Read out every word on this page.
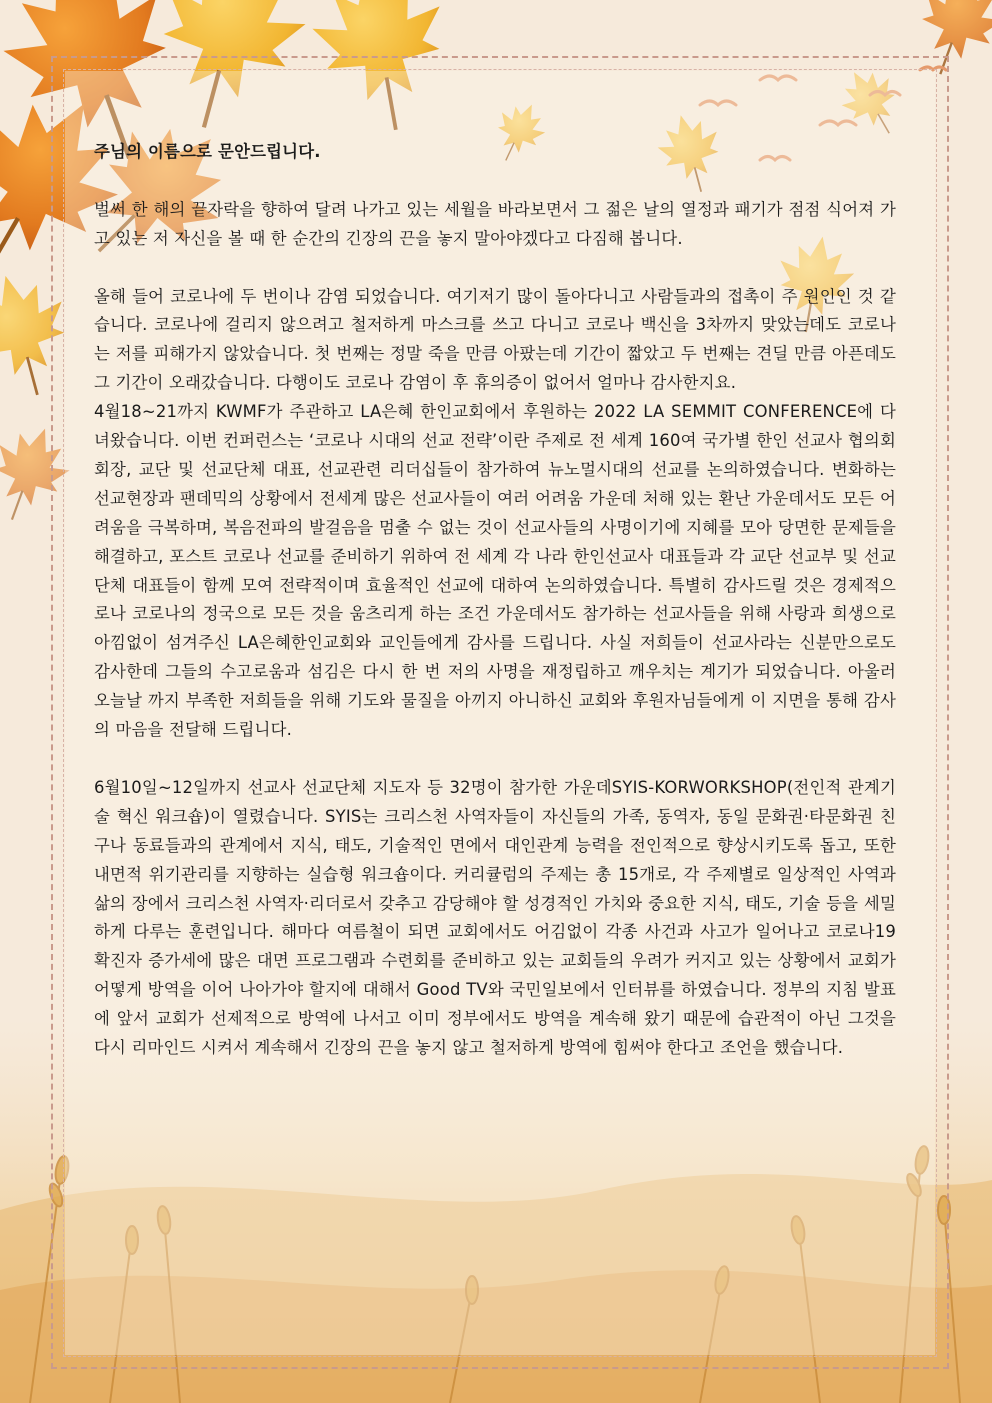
주님의 이름으로 문안드립니다.

벌써 한 해의 끝자락을 향하여 달려 나가고 있는 세월을 바라보면서 그 젊은 날의 열정과 패기가 점점 식어져 가고 있는 저 자신을 볼 때 한 순간의 긴장의 끈을 놓지 말아야겠다고 다짐해 봅니다.

올해 들어 코로나에 두 번이나 감염 되었습니다. 여기저기 많이 돌아다니고 사람들과의 접촉이 주 원인인 것 같습니다. 코로나에 걸리지 않으려고 철저하게 마스크를 쓰고 다니고 코로나 백신을 3차까지 맞았는데도 코로나는 저를 피해가지 않았습니다. 첫 번째는 정말 죽을 만큼 아팠는데 기간이 짧았고 두 번째는 견딜 만큼 아픈데도 그 기간이 오래갔습니다. 다행이도 코로나 감염이 후 휴의증이 없어서 얼마나 감사한지요.

4월18~21까지 KWMF가 주관하고 LA은혜 한인교회에서 후원하는 2022 LA SEMMIT CONFERENCE에 다녀왔습니다. 이번 컨퍼런스는 ‘코로나 시대의 선교 전략’이란 주제로 전 세계 160여 국가별 한인 선교사 협의회 회장, 교단 및 선교단체 대표, 선교관련 리더십들이 참가하여 뉴노멀시대의 선교를 논의하였습니다. 변화하는 선교현장과 팬데믹의 상황에서 전세계 많은 선교사들이 여러 어려움 가운데 처해 있는 환난 가운데서도 모든 어려움을 극복하며, 복음전파의 발걸음을 멈출 수 없는 것이 선교사들의 사명이기에 지혜를 모아 당면한 문제들을 해결하고, 포스트 코로나 선교를 준비하기 위하여 전 세계 각 나라 한인선교사 대표들과 각 교단 선교부 및 선교단체 대표들이 함께 모여 전략적이며 효율적인 선교에 대하여 논의하였습니다. 특별히 감사드릴 것은 경제적으로나 코로나의 정국으로 모든 것을 움츠리게 하는 조건 가운데서도 참가하는 선교사들을 위해 사랑과 희생으로 아낌없이 섬겨주신 LA은혜한인교회와 교인들에게 감사를 드립니다. 사실 저희들이 선교사라는 신분만으로도 감사한데 그들의 수고로움과 섬김은 다시 한 번 저의 사명을 재정립하고 깨우치는 계기가 되었습니다. 아울러 오늘날 까지 부족한 저희들을 위해 기도와 물질을 아끼지 아니하신 교회와 후원자님들에게 이 지면을 통해 감사의 마음을 전달해 드립니다.

6월10일~12일까지 선교사 선교단체 지도자 등 32명이 참가한 가운데SYIS-KORWORKSHOP(전인적 관계기술 혁신 워크숍)이 열렸습니다. SYIS는 크리스천 사역자들이 자신들의 가족, 동역자, 동일 문화권·타문화권 친구나 동료들과의 관계에서 지식, 태도, 기술적인 면에서 대인관계 능력을 전인적으로 향상시키도록 돕고, 또한 내면적 위기관리를 지향하는 실습형 워크숍이다. 커리큘럼의 주제는 총 15개로, 각 주제별로 일상적인 사역과 삶의 장에서 크리스천 사역자·리더로서 갖추고 감당해야 할 성경적인 가치와 중요한 지식, 태도, 기술 등을 세밀하게 다루는 훈련입니다. 해마다 여름철이 되면 교회에서도 어김없이 각종 사건과 사고가 일어나고 코로나19 확진자 증가세에 많은 대면 프로그램과 수련회를 준비하고 있는 교회들의 우려가 커지고 있는 상황에서 교회가 어떻게 방역을 이어 나아가야 할지에 대해서 Good TV와 국민일보에서 인터뷰를 하였습니다. 정부의 지침 발표에 앞서 교회가 선제적으로 방역에 나서고 이미 정부에서도 방역을 계속해 왔기 때문에 습관적이 아닌 그것을 다시 리마인드 시켜서 계속해서 긴장의 끈을 놓지 않고 철저하게 방역에 힘써야 한다고 조언을 했습니다.
